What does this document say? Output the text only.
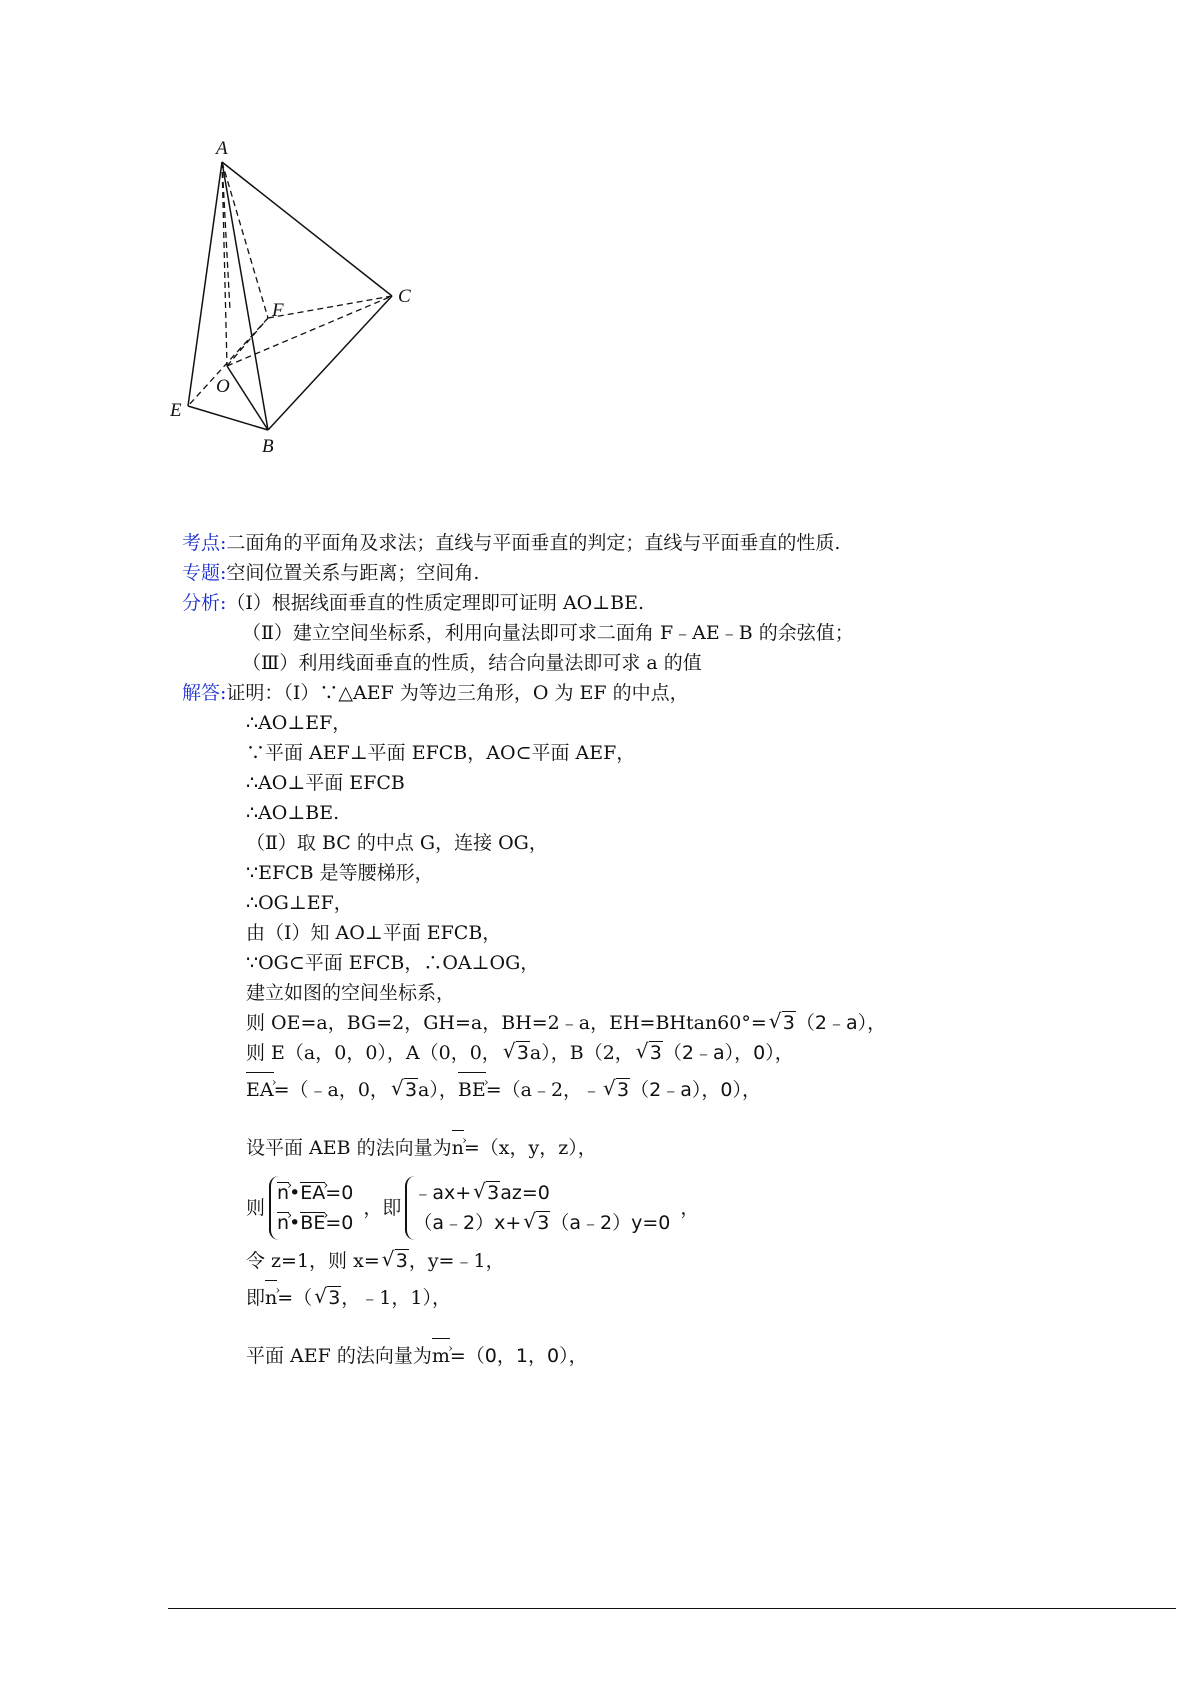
A
C
F
O
E
B
考点:二面角的平面角及求法；直线与平面垂直的判定；直线与平面垂直的性质.
专题:空间位置关系与距离；空间角.
分析:（Ⅰ）根据线面垂直的性质定理即可证明 AO⊥BE.
（Ⅱ）建立空间坐标系，利用向量法即可求二面角 F﹣AE﹣B 的余弦值；
（Ⅲ）利用线面垂直的性质，结合向量法即可求 a 的值
解答:证明：（Ⅰ）∵△AEF 为等边三角形，O 为 EF 的中点，
∴AO⊥EF，
∵平面 AEF⊥平面 EFCB，AO⊂平面 AEF，
∴AO⊥平面 EFCB
∴AO⊥BE.
（Ⅱ）取 BC 的中点 G，连接 OG，
∵EFCB 是等腰梯形，
∴OG⊥EF，
由（Ⅰ）知 AO⊥平面 EFCB，
∵OG⊂平面 EFCB，∴OA⊥OG，
建立如图的空间坐标系，
则 OE=a，BG=2，GH=a，BH=2﹣a，EH=BHtan60°= √ 3（2﹣a），
则 E（a，0，0），A（0，0， √ 3a），B（2， √ 3（2﹣a），0），
› EA=（﹣a，0， √ 3a），› BE=（a﹣2，﹣ √ 3（2﹣a），0），
设平面 AEB 的法向量为› n=（x，y，z），
则
› n•› EA=0
› n•› BE=0
，即
﹣ax+ √ 3az=0
（a﹣2）x+ √ 3（a﹣2）y=0
，
令 z=1，则 x= √ 3，y=﹣1，
即› n=（ √ 3，﹣1，1），
平面 AEF 的法向量为› m=（0，1，0），
